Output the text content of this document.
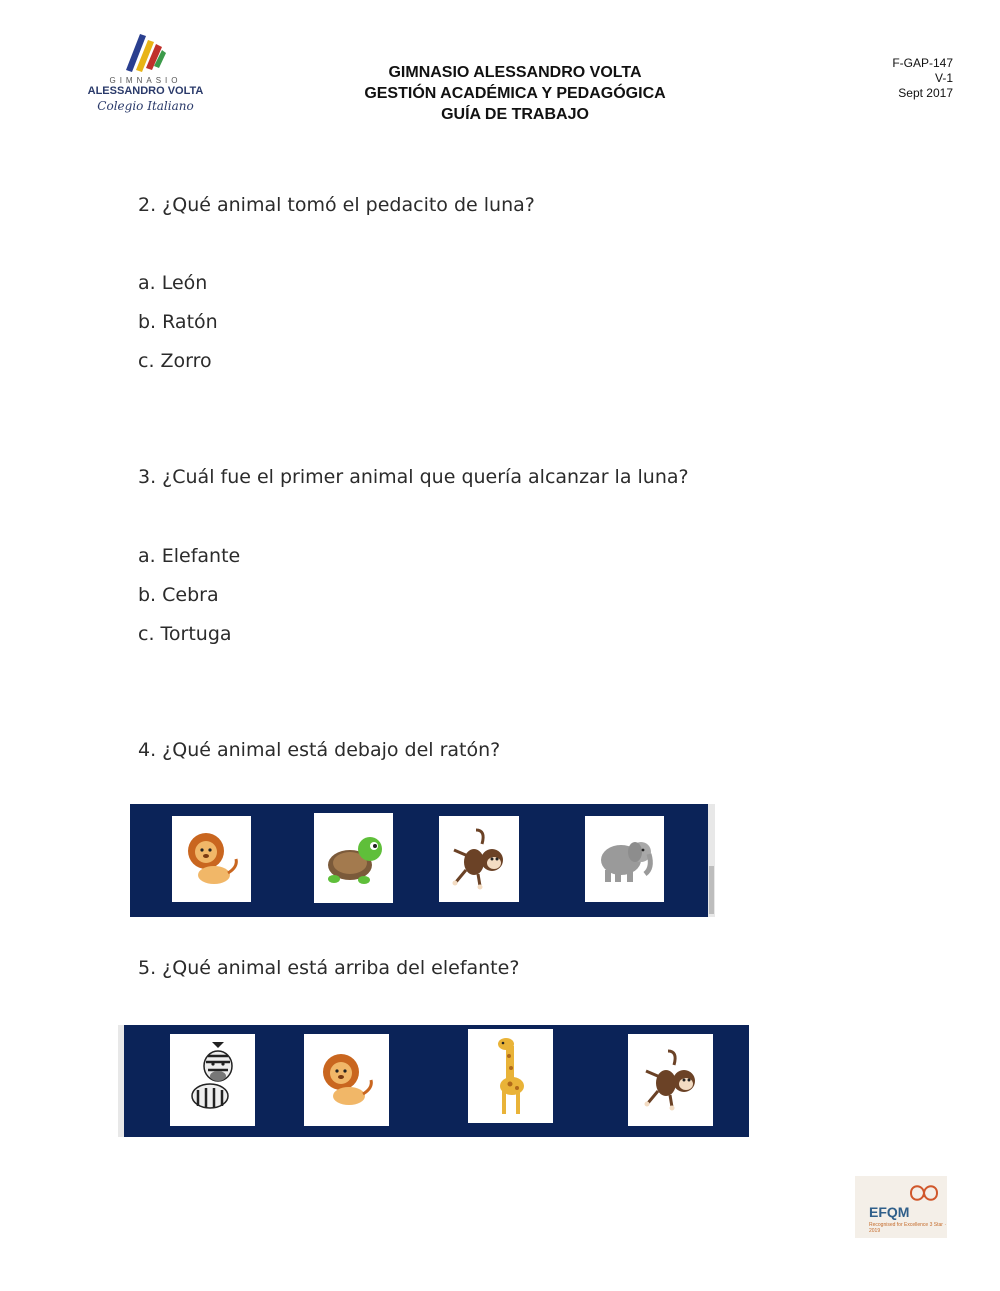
GIMNASIO
ALESSANDRO VOLTA
Colegio Italiano
GIMNASIO ALESSANDRO VOLTA
GESTIÓN ACADÉMICA Y PEDAGÓGICA
GUÍA DE TRABAJO
F-GAP-147
V-1
Sept 2017
2. ¿Qué animal tomó el pedacito de luna?
a. León
b. Ratón
c. Zorro
3. ¿Cuál fue el primer animal que quería alcanzar la luna?
a. Elefante
b. Cebra
c. Tortuga
4. ¿Qué animal está debajo del ratón?
5. ¿Qué animal está arriba del elefante?
EFQM
Recognised for Excellence 3 Star · 2019
